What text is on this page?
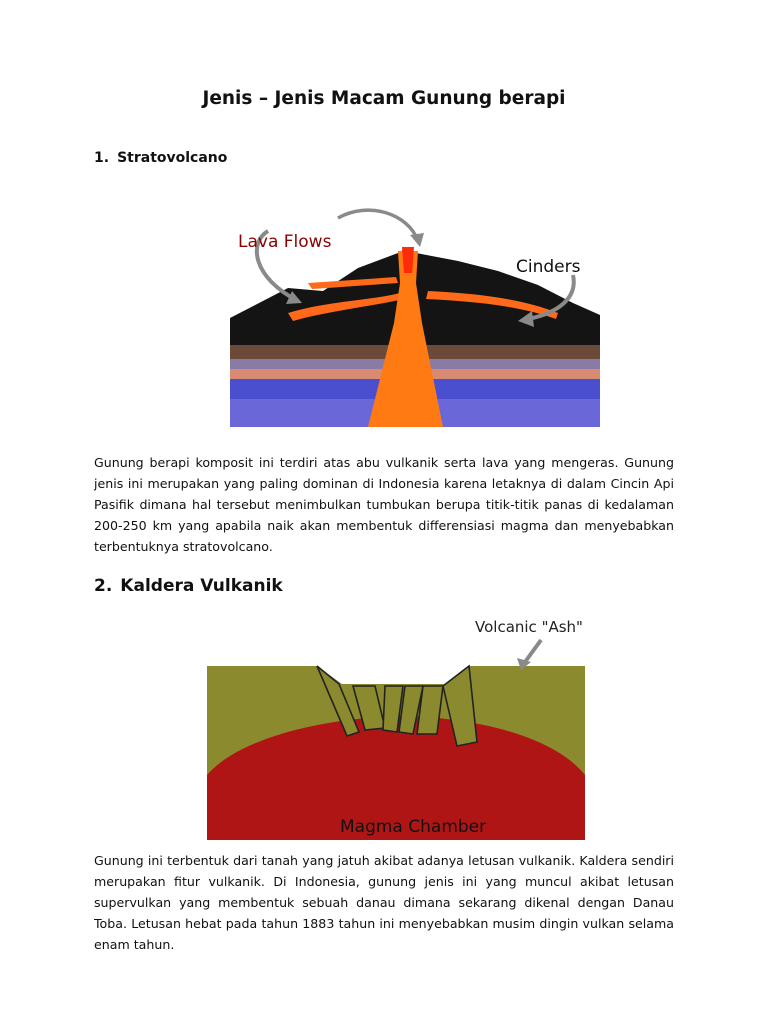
Jenis – Jenis Macam Gunung berapi
1. Stratovolcano
Lava Flows
Cinders

Gunung berapi komposit ini terdiri atas abu vulkanik serta lava yang mengeras. Gunung jenis ini merupakan yang paling dominan di Indonesia karena letaknya di dalam Cincin Api Pasifik dimana hal tersebut menimbulkan tumbukan berupa titik-titik panas di kedalaman 200-250 km yang apabila naik akan membentuk differensiasi magma dan menyebabkan terbentuknya stratovolcano.

2. Kaldera Vulkanik
Volcanic "Ash"
Magma Chamber

Gunung ini terbentuk dari tanah yang jatuh akibat adanya letusan vulkanik. Kaldera sendiri merupakan fitur vulkanik. Di Indonesia, gunung jenis ini yang muncul akibat letusan supervulkan yang membentuk sebuah danau dimana sekarang dikenal dengan Danau Toba. Letusan hebat pada tahun 1883 tahun ini menyebabkan musim dingin vulkan selama enam tahun.
